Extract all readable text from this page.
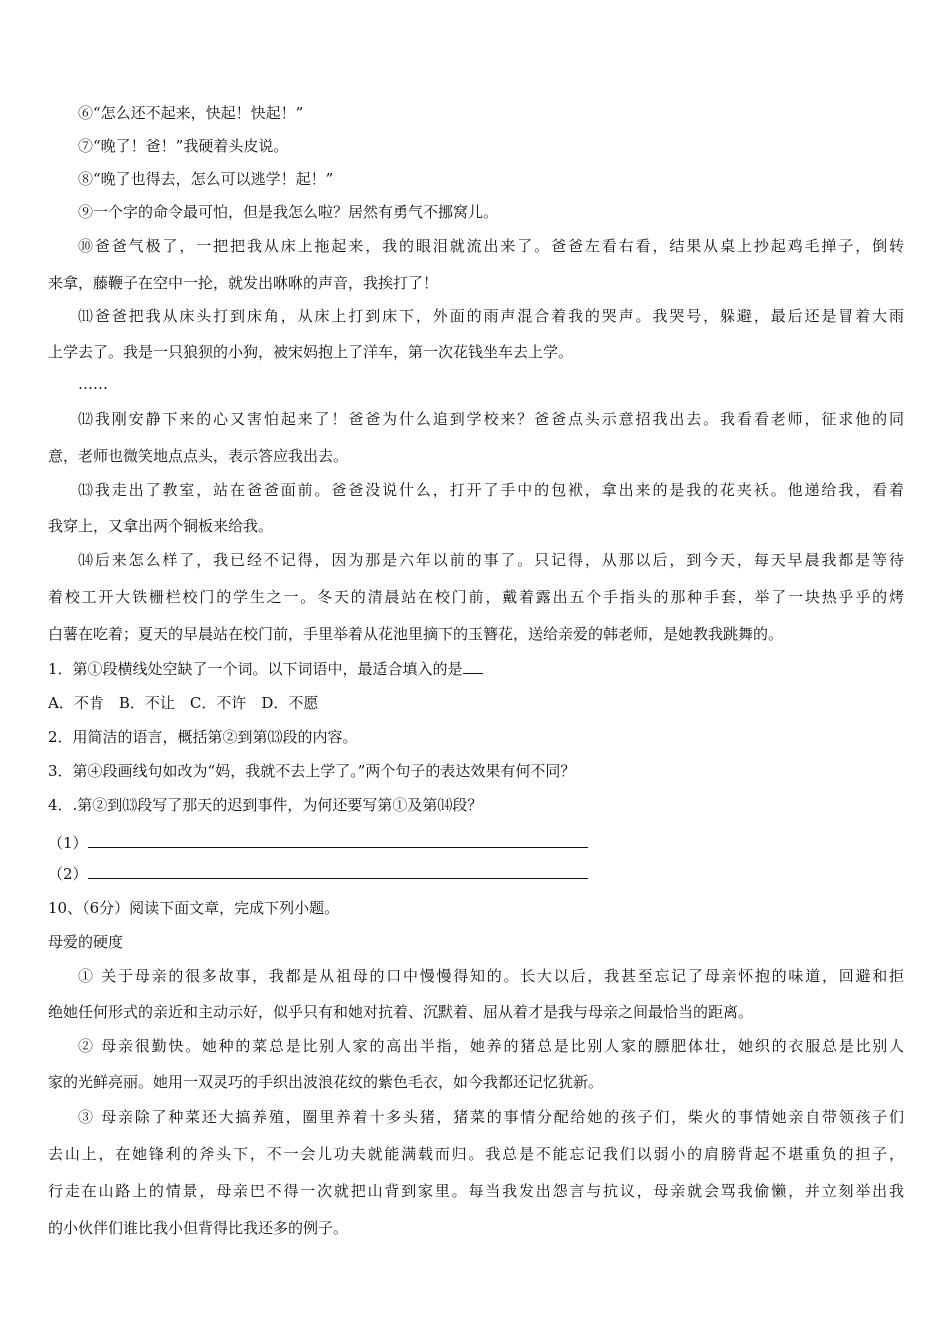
⑥“怎么还不起来，快起！快起！”
⑦“晚了！爸！”我硬着头皮说。
⑧“晚了也得去，怎么可以逃学！起！”
⑨一个字的命令最可怕，但是我怎么啦？居然有勇气不挪窝儿。
⑩爸爸气极了，一把把我从床上拖起来，我的眼泪就流出来了。爸爸左看右看，结果从桌上抄起鸡毛掸子，倒转
来拿，藤鞭子在空中一抡，就发出咻咻的声音，我挨打了！
⑾爸爸把我从床头打到床角，从床上打到床下，外面的雨声混合着我的哭声。我哭号，躲避，最后还是冒着大雨
上学去了。我是一只狼狈的小狗，被宋妈抱上了洋车，第一次花钱坐车去上学。
……
⑿我刚安静下来的心又害怕起来了！爸爸为什么追到学校来？爸爸点头示意招我出去。我看看老师，征求他的同
意，老师也微笑地点点头，表示答应我出去。
⒀我走出了教室，站在爸爸面前。爸爸没说什么，打开了手中的包袱，拿出来的是我的花夹袄。他递给我，看着
我穿上，又拿出两个铜板来给我。
⒁后来怎么样了，我已经不记得，因为那是六年以前的事了。只记得，从那以后，到今天，每天早晨我都是等待
着校工开大铁栅栏校门的学生之一。冬天的清晨站在校门前，戴着露出五个手指头的那种手套，举了一块热乎乎的烤
白薯在吃着；夏天的早晨站在校门前，手里举着从花池里摘下的玉簪花，送给亲爱的韩老师，是她教我跳舞的。
1．第①段横线处空缺了一个词。以下词语中，最适合填入的是
A．不肯　B．不让　C．不许　D．不愿
2．用简洁的语言，概括第②到第⒀段的内容。
3．第④段画线句如改为“妈，我就不去上学了。”两个句子的表达效果有何不同？
4．.第②到⒀段写了那天的迟到事件，为何还要写第①及第⒁段？
（1）
（2）
10、（6分）阅读下面文章，完成下列小题。
母爱的硬度
① 关于母亲的很多故事，我都是从祖母的口中慢慢得知的。长大以后，我甚至忘记了母亲怀抱的味道，回避和拒
绝她任何形式的亲近和主动示好，似乎只有和她对抗着、沉默着、屈从着才是我与母亲之间最恰当的距离。
② 母亲很勤快。她种的菜总是比别人家的高出半指，她养的猪总是比别人家的膘肥体壮，她织的衣服总是比别人
家的光鲜亮丽。她用一双灵巧的手织出波浪花纹的紫色毛衣，如今我都还记忆犹新。
③ 母亲除了种菜还大搞养殖，圈里养着十多头猪，猪菜的事情分配给她的孩子们，柴火的事情她亲自带领孩子们
去山上，在她锋利的斧头下，不一会儿功夫就能满载而归。我总是不能忘记我们以弱小的肩膀背起不堪重负的担子，
行走在山路上的情景，母亲巴不得一次就把山背到家里。每当我发出怨言与抗议，母亲就会骂我偷懒，并立刻举出我
的小伙伴们谁比我小但背得比我还多的例子。
